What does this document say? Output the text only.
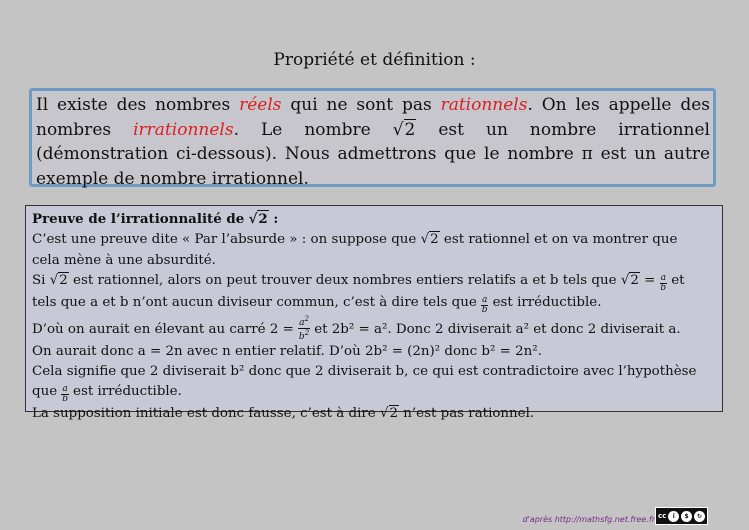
Propriété et définition :
Il existe des nombres réels qui ne sont pas rationnels. On les appelle des nombres irrationnels. Le nombre √2 est un nombre irrationnel (démonstration ci-dessous). Nous admettrons que le nombre π est un autre exemple de nombre irrationnel.

Preuve de l’irrationnalité de √2 :

C’est une preuve dite « Par l’absurde » : on suppose que √2 est rationnel et on va montrer que

cela mène à une absurdité.

Si √2 est rationnel, alors on peut trouver deux nombres entiers relatifs a et b tels que $√2 = \frac{a}{b}$ et

tels que a et b n’ont aucun diviseur commun, c’est à dire tels que $\frac{a}{b}$ est irréductible.

D’où on aurait en élevant au carré $2 = \frac{a^2}{b^2}$ et 2b² = a². Donc 2 diviserait a² et donc 2 diviserait a.

On aurait donc a = 2n avec n entier relatif. D’où 2b² = (2n)² donc b² = 2n².

Cela signifie que 2 diviserait b² donc que 2 diviserait b, ce qui est contradictoire avec l’hypothèse

que $\frac{a}{b}$ est irréductible.

La supposition initiale est donc fausse, c’est à dire √2 n’est pas rationnel.

d'après http://mathsfg.net.free.fr cc	i	$	↻
